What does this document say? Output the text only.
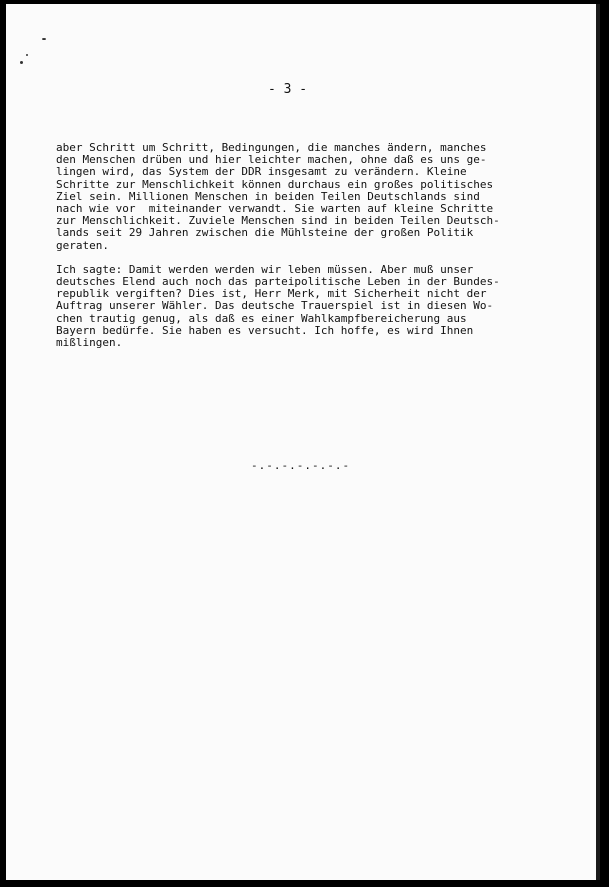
- 3 -
aber Schritt um Schritt, Bedingungen, die manches ändern, manches
den Menschen drüben und hier leichter machen, ohne daß es uns ge-
lingen wird, das System der DDR insgesamt zu verändern. Kleine
Schritte zur Menschlichkeit können durchaus ein großes politisches
Ziel sein. Millionen Menschen in beiden Teilen Deutschlands sind
nach wie vor  miteinander verwandt. Sie warten auf kleine Schritte
zur Menschlichkeit. Zuviele Menschen sind in beiden Teilen Deutsch-
lands seit 29 Jahren zwischen die Mühlsteine der großen Politik
geraten.
Ich sagte: Damit werden werden wir leben müssen. Aber muß unser
deutsches Elend auch noch das parteipolitische Leben in der Bundes-
republik vergiften? Dies ist, Herr Merk, mit Sicherheit nicht der
Auftrag unserer Wähler. Das deutsche Trauerspiel ist in diesen Wo-
chen trautig genug, als daß es einer Wahlkampfbereicherung aus
Bayern bedürfe. Sie haben es versucht. Ich hoffe, es wird Ihnen
mißlingen.
-.-.-.-.-.-.-
